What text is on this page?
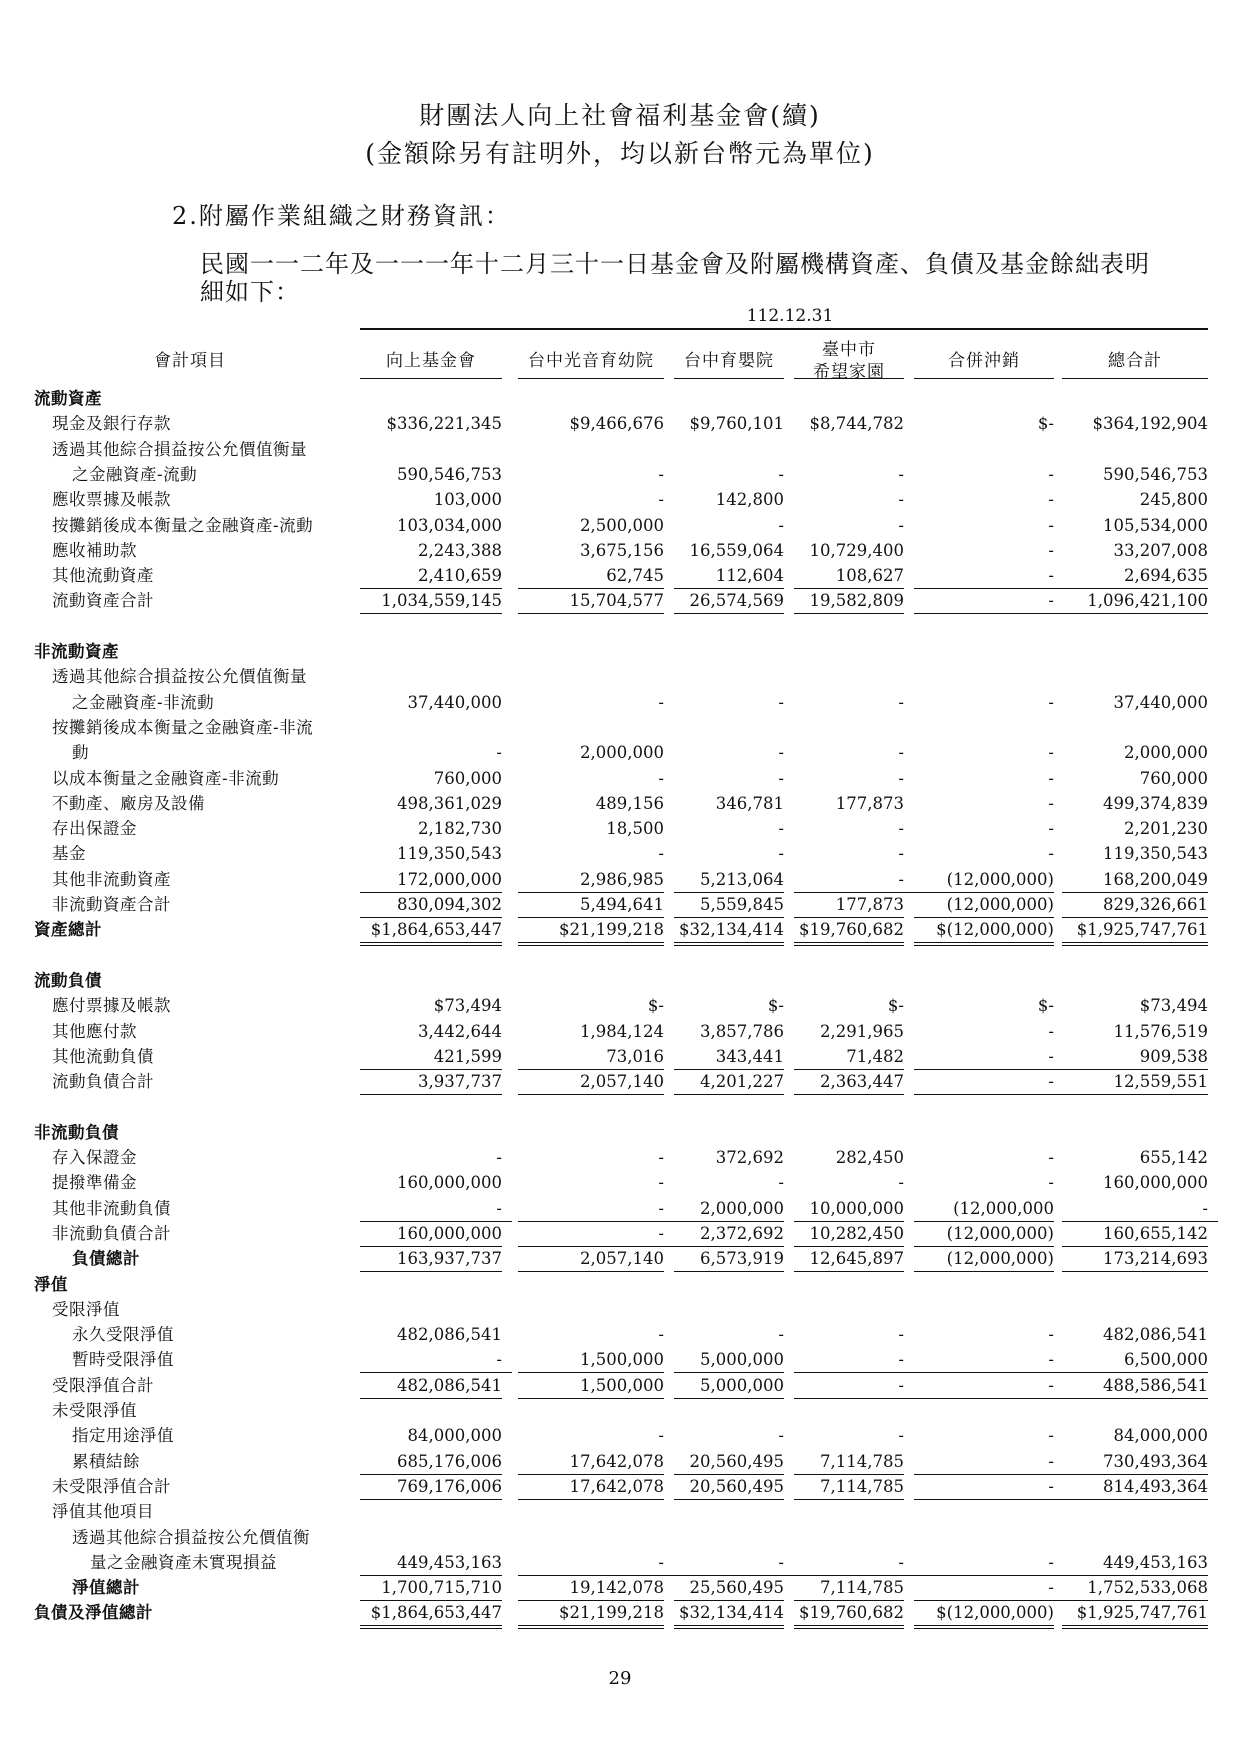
財團法人向上社會福利基金會(續)
(金額除另有註明外，均以新台幣元為單位)
2.附屬作業組織之財務資訊：
民國一一二年及一一一年十二月三十一日基金會及附屬機構資產、負債及基金餘絀表明細如下：
112.12.31
會計項目	向上基金會	台中光音育幼院	台中育嬰院
臺中市
希望家園
合併沖銷	總合計
流動資產
現金及銀行存款	$336,221,345	$9,466,676	$9,760,101	$8,744,782	$-	$364,192,904
透過其他綜合損益按公允價值衡量
之金融資產-流動	590,546,753	-	-	-	-	590,546,753
應收票據及帳款	103,000	-	142,800	-	-	245,800
按攤銷後成本衡量之金融資產-流動	103,034,000	2,500,000	-	-	-	105,534,000
應收補助款	2,243,388	3,675,156	16,559,064	10,729,400	-	33,207,008
其他流動資產	2,410,659	62,745	112,604	108,627	-	2,694,635
流動資產合計	1,034,559,145	15,704,577	26,574,569	19,582,809	-	1,096,421,100
非流動資產
透過其他綜合損益按公允價值衡量
之金融資產-非流動	37,440,000	-	-	-	-	37,440,000
按攤銷後成本衡量之金融資產-非流
動	-	2,000,000	-	-	-	2,000,000
以成本衡量之金融資產-非流動	760,000	-	-	-	-	760,000
不動產、廠房及設備	498,361,029	489,156	346,781	177,873	-	499,374,839
存出保證金	2,182,730	18,500	-	-	-	2,201,230
基金	119,350,543	-	-	-	-	119,350,543
其他非流動資產	172,000,000	2,986,985	5,213,064	-	(12,000,000)	168,200,049
非流動資產合計	830,094,302	5,494,641	5,559,845	177,873	(12,000,000)	829,326,661
資產總計	$1,864,653,447	$21,199,218 $32,134,414 $19,760,682	$(12,000,000)	$1,925,747,761
流動負債
應付票據及帳款	$73,494	$-	$-	$-	$-	$73,494
其他應付款	3,442,644	1,984,124	3,857,786	2,291,965	-	11,576,519
其他流動負債	421,599	73,016	343,441	71,482	-	909,538
流動負債合計	3,937,737	2,057,140	4,201,227	2,363,447	-	12,559,551
非流動負債
存入保證金	-	-	372,692	282,450	-	655,142
提撥準備金	160,000,000	-	-	-	-	160,000,000
其他非流動負債	-	-	2,000,000	10,000,000	(12,000,000	-
非流動負債合計	160,000,000	-	2,372,692	10,282,450	(12,000,000)	160,655,142
負債總計	163,937,737	2,057,140	6,573,919	12,645,897	(12,000,000)	173,214,693
淨值
受限淨值
永久受限淨值	482,086,541	-	-	-	-	482,086,541
暫時受限淨值	-	1,500,000	5,000,000	-	-	6,500,000
受限淨值合計	482,086,541	1,500,000	5,000,000	-	-	488,586,541
未受限淨值
指定用途淨值	84,000,000	-	-	-	-	84,000,000
累積結餘	685,176,006	17,642,078	20,560,495	7,114,785	-	730,493,364
未受限淨值合計	769,176,006	17,642,078	20,560,495	7,114,785	-	814,493,364
淨值其他項目
透過其他綜合損益按公允價值衡
量之金融資產未實現損益	449,453,163	-	-	-	-	449,453,163
淨值總計	1,700,715,710	19,142,078	25,560,495	7,114,785	-	1,752,533,068
負債及淨值總計	$1,864,653,447	$21,199,218 $32,134,414 $19,760,682	$(12,000,000)	$1,925,747,761
29
